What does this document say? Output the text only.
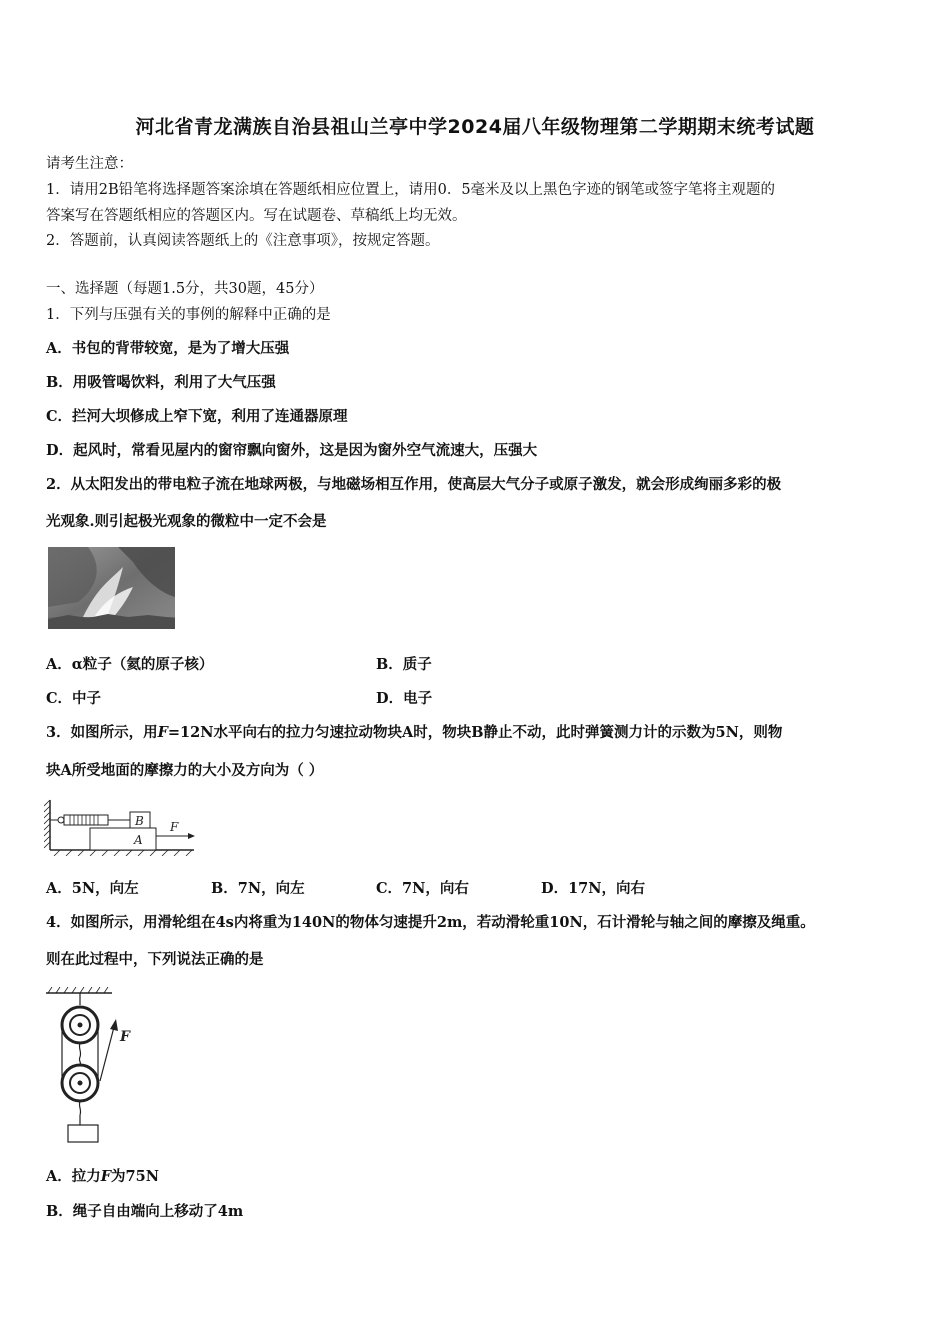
河北省青龙满族自治县祖山兰亭中学2024届八年级物理第二学期期末统考试题
请考生注意：
1．请用2B铅笔将选择题答案涂填在答题纸相应位置上，请用0．5毫米及以上黑色字迹的钢笔或签字笔将主观题的
答案写在答题纸相应的答题区内。写在试题卷、草稿纸上均无效。
2．答题前，认真阅读答题纸上的《注意事项》，按规定答题。
一、选择题（每题1.5分，共30题，45分）
1．下列与压强有关的事例的解释中正确的是
A．书包的背带较宽，是为了增大压强
B．用吸管喝饮料，利用了大气压强
C．拦河大坝修成上窄下宽，利用了连通器原理
D．起风时，常看见屋内的窗帘飘向窗外，这是因为窗外空气流速大，压强大
2．从太阳发出的带电粒子流在地球两极，与地磁场相互作用，使高层大气分子或原子激发，就会形成绚丽多彩的极
光观象.则引起极光观象的微粒中一定不会是
A．α粒子（氦的原子核）	B．质子
C．中子	D．电子
3．如图所示，用F=12N水平向右的拉力匀速拉动物块A时，物块B静止不动，此时弹簧测力计的示数为5N，则物
块A所受地面的摩擦力的大小及方向为（ ）
B
A
F
A．5N，向左	B．7N，向左	C．7N，向右	D．17N，向右
4．如图所示，用滑轮组在4s内将重为140N的物体匀速提升2m，若动滑轮重10N，石计滑轮与轴之间的摩擦及绳重。
则在此过程中，下列说法正确的是
F
A．拉力F为75N
B．绳子自由端向上移动了4m
